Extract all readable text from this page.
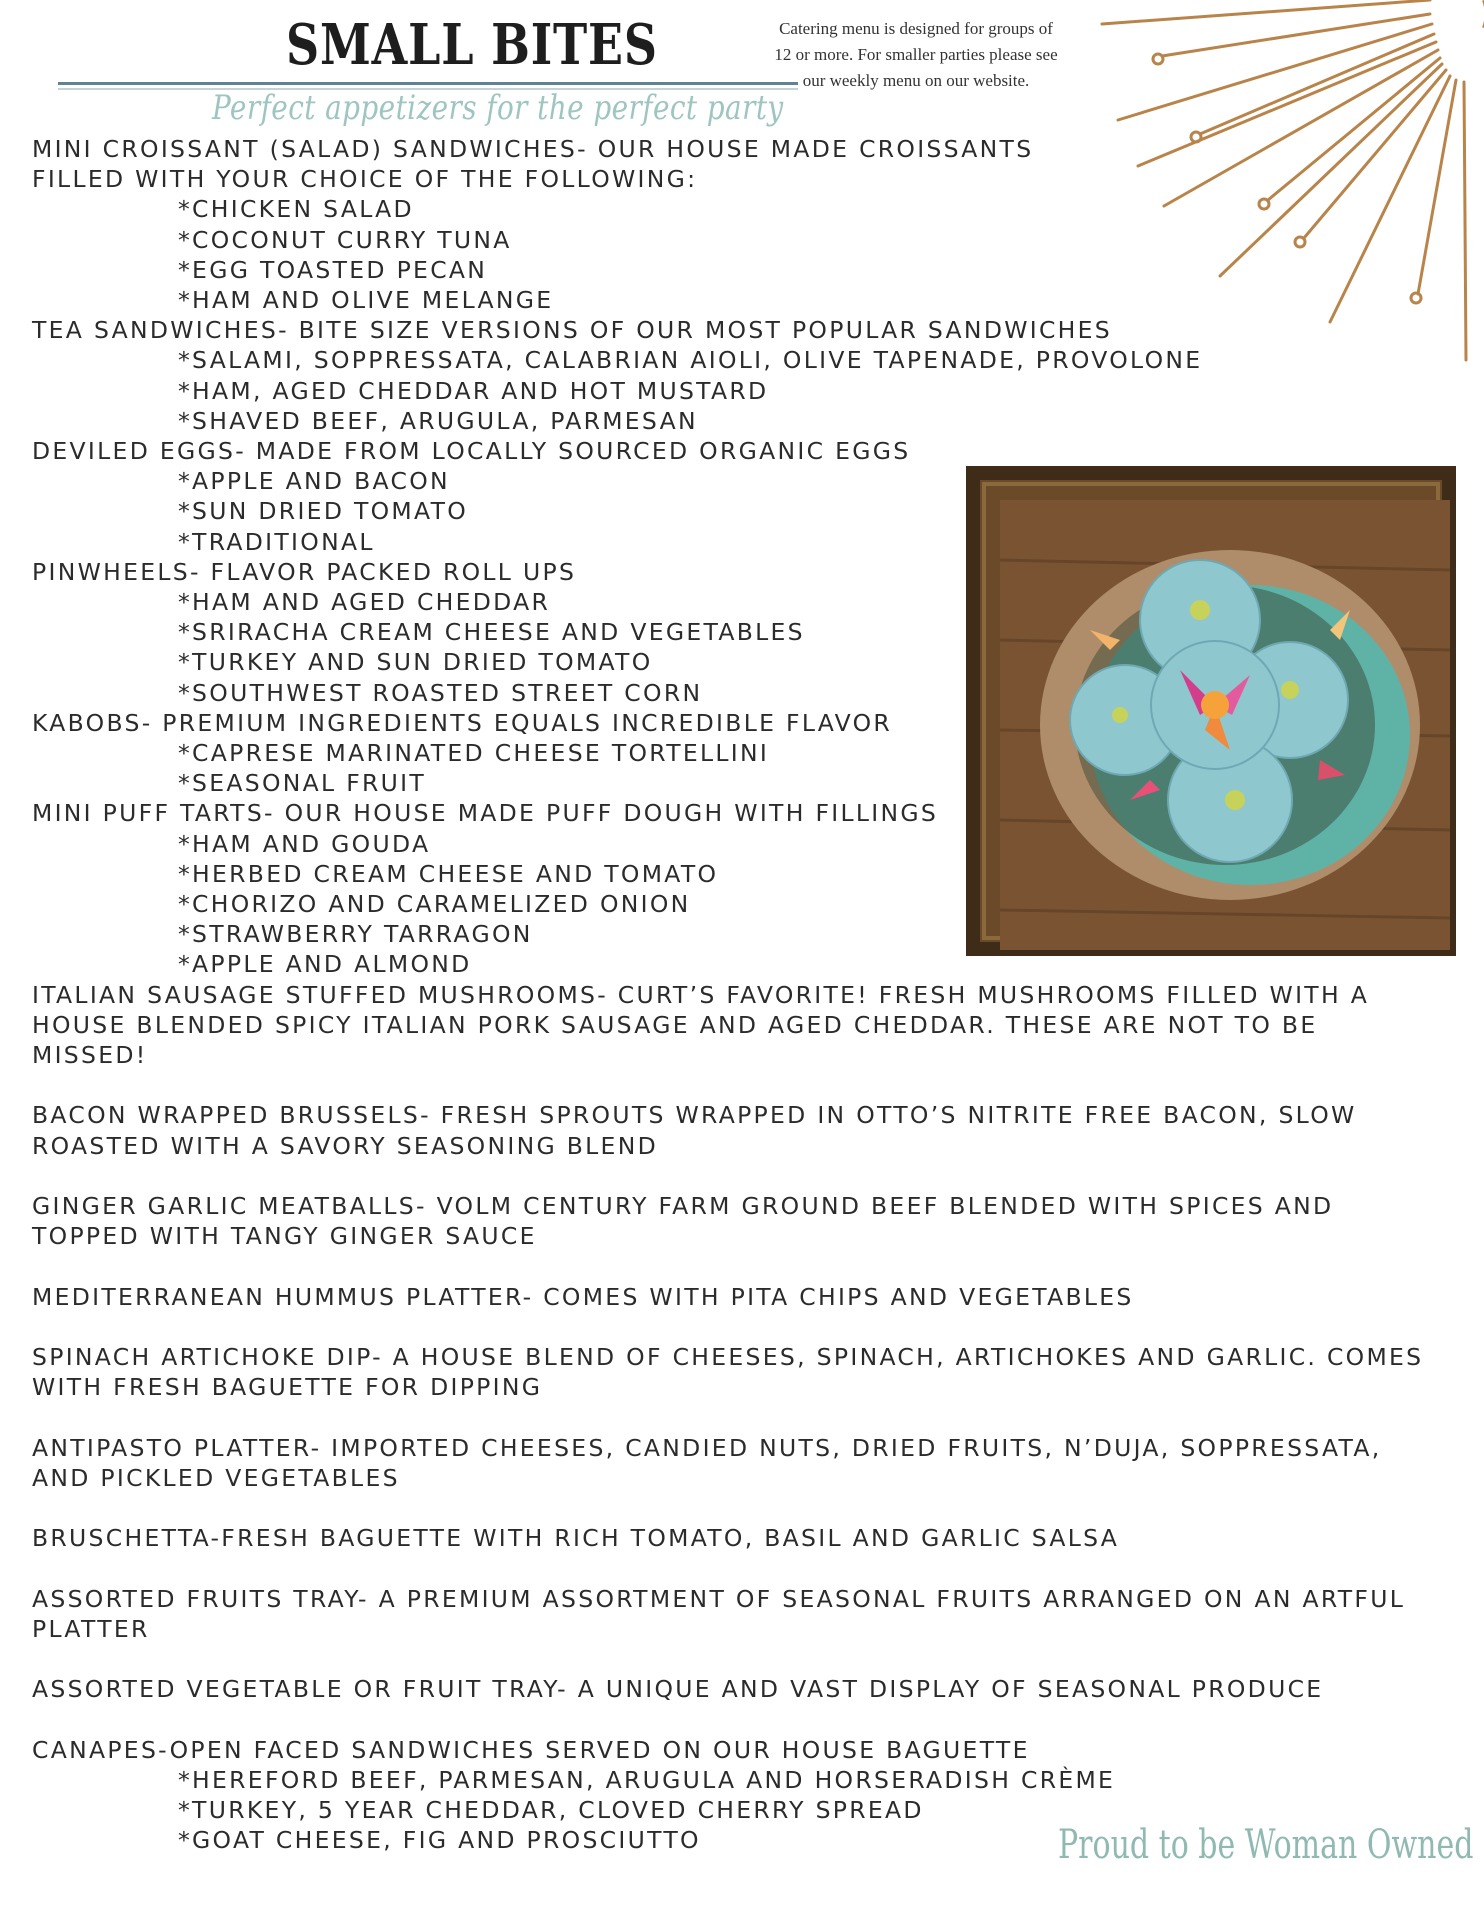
SMALL BITES
Perfect appetizers for the perfect party
Catering menu is designed for groups of
12 or more. For smaller parties please see
our weekly menu on our website.
MINI CROISSANT (SALAD) SANDWICHES- OUR HOUSE MADE CROISSANTS
FILLED WITH YOUR CHOICE OF THE FOLLOWING:
*CHICKEN SALAD
*COCONUT CURRY TUNA
*EGG TOASTED PECAN
*HAM AND OLIVE MELANGE
TEA SANDWICHES- BITE SIZE VERSIONS OF OUR MOST POPULAR SANDWICHES
*SALAMI, SOPPRESSATA, CALABRIAN AIOLI, OLIVE TAPENADE, PROVOLONE
*HAM, AGED CHEDDAR AND HOT MUSTARD
*SHAVED BEEF, ARUGULA, PARMESAN
DEVILED EGGS- MADE FROM LOCALLY SOURCED ORGANIC EGGS
*APPLE AND BACON
*SUN DRIED TOMATO
*TRADITIONAL
PINWHEELS- FLAVOR PACKED ROLL UPS
*HAM AND AGED CHEDDAR
*SRIRACHA CREAM CHEESE AND VEGETABLES
*TURKEY AND SUN DRIED TOMATO
*SOUTHWEST ROASTED STREET CORN
KABOBS- PREMIUM INGREDIENTS EQUALS INCREDIBLE FLAVOR
*CAPRESE MARINATED CHEESE TORTELLINI
*SEASONAL FRUIT
MINI PUFF TARTS- OUR HOUSE MADE PUFF DOUGH WITH FILLINGS
*HAM AND GOUDA
*HERBED CREAM CHEESE AND TOMATO
*CHORIZO AND CARAMELIZED ONION
*STRAWBERRY TARRAGON
*APPLE AND ALMOND
ITALIAN SAUSAGE STUFFED MUSHROOMS- CURT’S FAVORITE! FRESH MUSHROOMS FILLED WITH A
HOUSE BLENDED SPICY ITALIAN PORK SAUSAGE AND AGED CHEDDAR. THESE ARE NOT TO BE
MISSED!
BACON WRAPPED BRUSSELS- FRESH SPROUTS WRAPPED IN OTTO’S NITRITE FREE BACON, SLOW
ROASTED WITH A SAVORY SEASONING BLEND
GINGER GARLIC MEATBALLS- VOLM CENTURY FARM GROUND BEEF BLENDED WITH SPICES AND
TOPPED WITH TANGY GINGER SAUCE
MEDITERRANEAN HUMMUS PLATTER- COMES WITH PITA CHIPS AND VEGETABLES
SPINACH ARTICHOKE DIP- A HOUSE BLEND OF CHEESES, SPINACH, ARTICHOKES AND GARLIC. COMES
WITH FRESH BAGUETTE FOR DIPPING
ANTIPASTO PLATTER- IMPORTED CHEESES, CANDIED NUTS, DRIED FRUITS, N’DUJA, SOPPRESSATA,
AND PICKLED VEGETABLES
BRUSCHETTA-FRESH BAGUETTE WITH RICH TOMATO, BASIL AND GARLIC SALSA
ASSORTED FRUITS TRAY- A PREMIUM ASSORTMENT OF SEASONAL FRUITS ARRANGED ON AN ARTFUL
PLATTER
ASSORTED VEGETABLE OR FRUIT TRAY- A UNIQUE AND VAST DISPLAY OF SEASONAL PRODUCE
CANAPES-OPEN FACED SANDWICHES SERVED ON OUR HOUSE BAGUETTE
*HEREFORD BEEF, PARMESAN, ARUGULA AND HORSERADISH CRÈME
*TURKEY, 5 YEAR CHEDDAR, CLOVED CHERRY SPREAD
*GOAT CHEESE, FIG AND PROSCIUTTO	Proud to be Woman Owned
